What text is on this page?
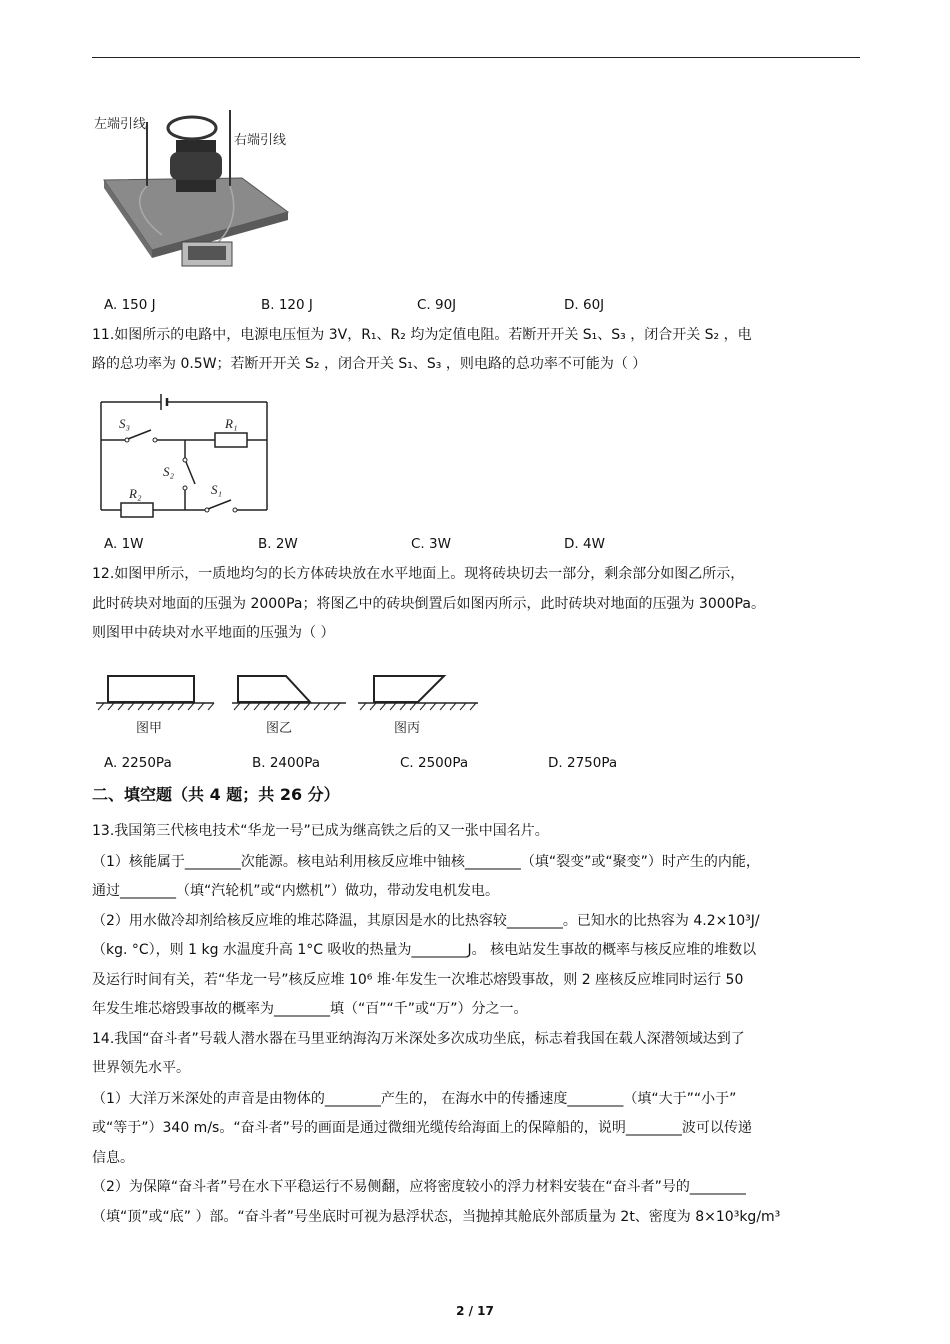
左端引线
右端引线
A. 150 J	B. 120 J	C. 90J	D. 60J
11.如图所示的电路中，电源电压恒为 3V，R₁、R₂ 均为定值电阻。若断开开关 S₁、S₃ ，闭合开关 S₂ ，电
路的总功率为 0.5W；若断开开关 S₂ ，闭合开关 S₁、S₃ ，则电路的总功率不可能为（ ）
S₃	R₁
S₂
R₂	S₁
A. 1W	B. 2W	C. 3W	D. 4W
12.如图甲所示，一质地均匀的长方体砖块放在水平地面上。现将砖块切去一部分，剩余部分如图乙所示，
此时砖块对地面的压强为 2000Pa；将图乙中的砖块倒置后如图丙所示，此时砖块对地面的压强为 3000Pa。
则图甲中砖块对水平地面的压强为（ ）
图甲	图乙	图丙
A. 2250Pa	B. 2400Pa	C. 2500Pa	D. 2750Pa
二、填空题（共 4 题；共 26 分）
13.我国第三代核电技术“华龙一号”已成为继高铁之后的又一张中国名片。
（1）核能属于________次能源。核电站利用核反应堆中铀核________（填“裂变”或“聚变”）时产生的内能，
通过________（填“汽轮机”或“内燃机”）做功，带动发电机发电。
（2）用水做冷却剂给核反应堆的堆芯降温，其原因是水的比热容较________。已知水的比热容为 4.2×10³J/
（kg. °C），则 1 kg 水温度升高 1°C 吸收的热量为________J。 核电站发生事故的概率与核反应堆的堆数以
及运行时间有关，若“华龙一号”核反应堆 10⁶ 堆·年发生一次堆芯熔毁事故，则 2 座核反应堆同时运行 50
年发生堆芯熔毁事故的概率为________填（“百”“千”或“万”）分之一。
14.我国“奋斗者”号载人潜水器在马里亚纳海沟万米深处多次成功坐底，标志着我国在载人深潜领域达到了
世界领先水平。
（1）大洋万米深处的声音是由物体的________产生的， 在海水中的传播速度________（填“大于”“小于”
或“等于”）340 m/s。“奋斗者”号的画面是通过微细光缆传给海面上的保障船的，说明________波可以传递
信息。
（2）为保障“奋斗者”号在水下平稳运行不易侧翻，应将密度较小的浮力材料安装在“奋斗者”号的________
（填“顶”或“底” ）部。“奋斗者”号坐底时可视为悬浮状态，当抛掉其舱底外部质量为 2t、密度为 8×10³kg/m³
2 / 17
